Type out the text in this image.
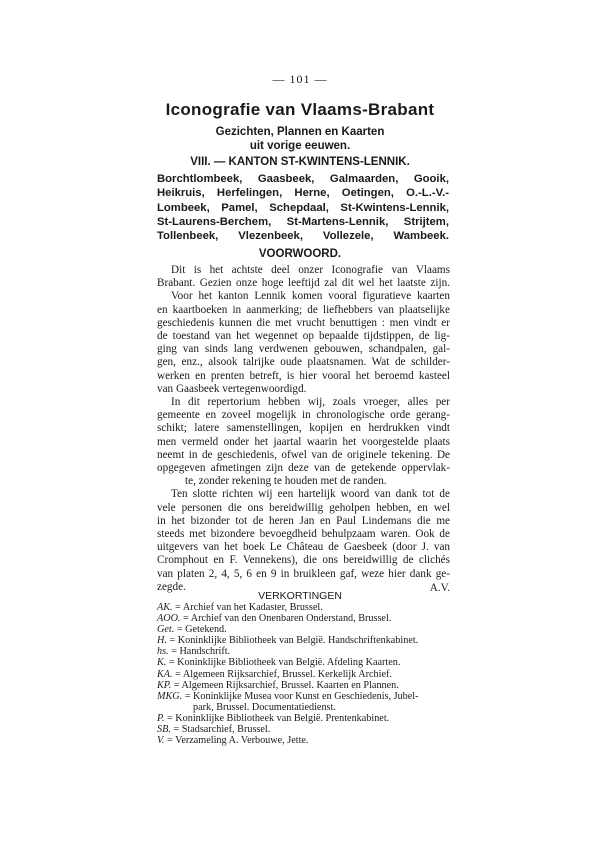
— 101 —
Iconografie van Vlaams-Brabant
Gezichten, Plannen en Kaarten
uit vorige eeuwen.
VIII. — KANTON ST-KWINTENS-LENNIK.
Borchtlombeek, Gaasbeek, Galmaarden, Gooik,
Heikruis, Herfelingen, Herne, Oetingen, O.-L.-V.-
Lombeek, Pamel, Schepdaal, St-Kwintens-Lennik,
St-Laurens-Berchem, St-Martens-Lennik, Strijtem,
Tollenbeek, Vlezenbeek, Vollezele, Wambeek.
VOORWOORD.
Dit is het achtste deel onzer Iconografie van Vlaams
Brabant. Gezien onze hoge leeftijd zal dit wel het laatste zijn.
Voor het kanton Lennik komen vooral figuratieve kaarten
en kaartboeken in aanmerking; de liefhebbers van plaatselijke
geschiedenis kunnen die met vrucht benuttigen : men vindt er
de toestand van het wegennet op bepaalde tijdstippen, de lig-
ging van sinds lang verdwenen gebouwen, schandpalen, gal-
gen, enz., alsook talrijke oude plaatsnamen. Wat de schilder-
werken en prenten betreft, is hier vooral het beroemd kasteel
van Gaasbeek vertegenwoordigd.
In dit repertorium hebben wij, zoals vroeger, alles per
gemeente en zoveel mogelijk in chronologische orde gerang-
schikt; latere samenstellingen, kopijen en herdrukken vindt
men vermeld onder het jaartal waarin het voorgestelde plaats
neemt in de geschiedenis, ofwel van de originele tekening. De
opgegeven afmetingen zijn deze van de getekende oppervlak-
te, zonder rekening te houden met de randen.
Ten slotte richten wij een hartelijk woord van dank tot de
vele personen die ons bereidwillig geholpen hebben, en wel
in het bizonder tot de heren Jan en Paul Lindemans die me
steeds met bizondere bevoegdheid behulpzaam waren. Ook de
uitgevers van het boek Le Château de Gaesbeek (door J. van
Cromphout en F. Vennekens), die ons bereidwillig de clichés
van platen 2, 4, 5, 6 en 9 in bruikleen gaf, weze hier dank ge-
zegde.	A.V.
VERKORTINGEN
AK. = Archief van het Kadaster, Brussel.
AOO. = Archief van den Onenbaren Onderstand, Brussel.
Get. = Getekend.
H. = Koninklijke Bibliotheek van België. Handschriftenkabinet.
hs. = Handschrift.
K. = Koninklijke Bibliotheek van België. Afdeling Kaarten.
KA. = Algemeen Rijksarchief, Brussel. Kerkelijk Archief.
KP. = Algemeen Rijksarchief, Brussel. Kaarten en Plannen.
MKG. = Koninklijke Musea voor Kunst en Geschiedenis, Jubel-
park, Brussel. Documentatiedienst.
P. = Koninklijke Bibliotheek van België. Prentenkabinet.
SB. = Stadsarchief, Brussel.
V. = Verzameling A. Verbouwe, Jette.
